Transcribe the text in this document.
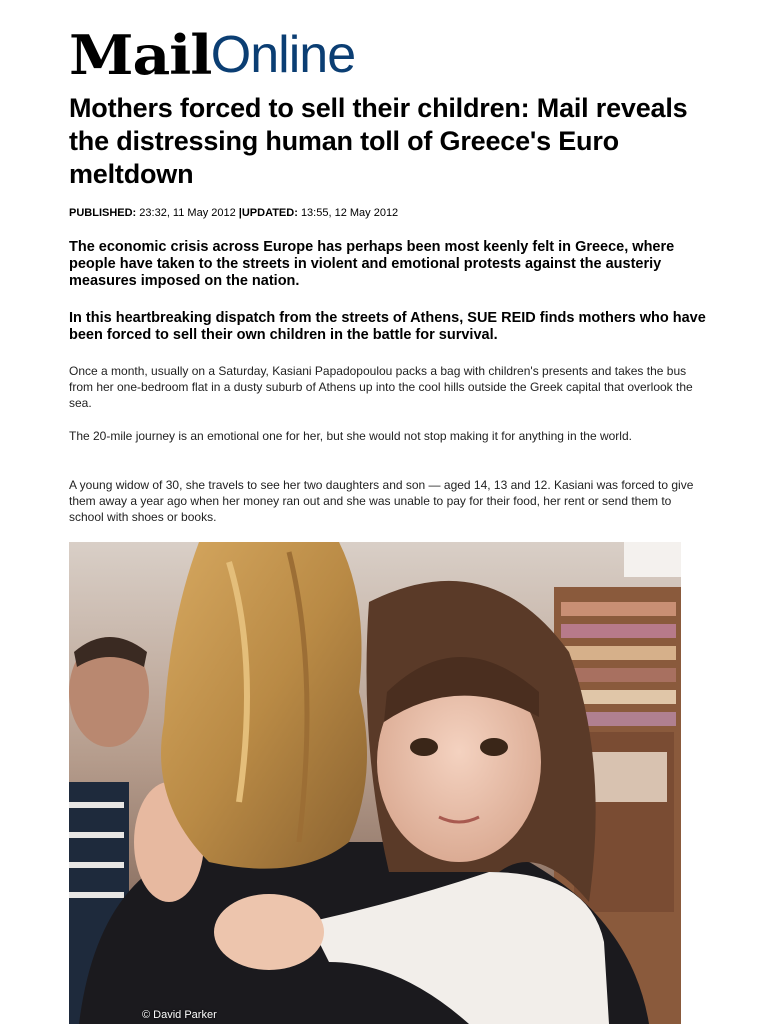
Mail Online
Mothers forced to sell their children: Mail reveals the distressing human toll of Greece's Euro meltdown
PUBLISHED: 23:32, 11 May 2012 |UPDATED: 13:55, 12 May 2012

The economic crisis across Europe has perhaps been most keenly felt in Greece, where people have taken to the streets in violent and emotional protests against the austeriy measures imposed on the nation.

In this heartbreaking dispatch from the streets of Athens, SUE REID finds mothers who have been forced to sell their own children in the battle for survival.

Once a month, usually on a Saturday, Kasiani Papadopoulou packs a bag with children's presents and takes the bus from her one-bedroom flat in a dusty suburb of Athens up into the cool hills outside the Greek capital that overlook the sea.

The 20-mile journey is an emotional one for her, but she would not stop making it for anything in the world.

A young widow of 30, she travels to see her two daughters and son — aged 14, 13 and 12. Kasiani was forced to give them away a year ago when her money ran out and she was unable to pay for their food, her rent or send them to school with shoes or books.

© David Parker
